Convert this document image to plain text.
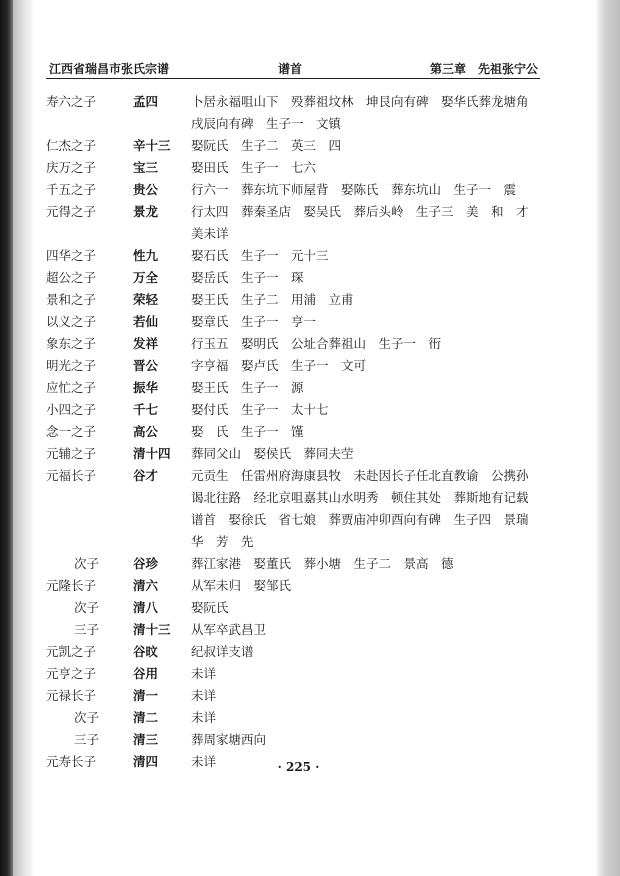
江西省瑞昌市张氏宗谱	谱首	第三章　先祖张宁公
寿六之子	孟四	卜居永福咀山下　殁葬祖坟林　坤艮向有碑　娶华氏葬龙塘角
戌辰向有碑　生子一　文镇
仁杰之子	辛十三 娶阮氏　生子二　英三　四
庆万之子	宝三	娶田氏　生子一　七六
千五之子	贵公	行六一　葬东坑下师屋背　娶陈氏　葬东坑山　生子一　震
元得之子	景龙	行太四　葬秦圣店　娶吴氏　葬后头岭　生子三　美　和　才
美未详
四华之子	性九	娶石氏　生子一　元十三
超公之子	万全	娶岳氏　生子一　琛
景和之子	荣轻	娶王氏　生子二　用浦　立甫
以义之子	若仙	娶章氏　生子一　亨一
象东之子	发祥	行玉五　娶明氏　公址合葬祖山　生子一　衎
明光之子	晋公	字亨福　娶卢氏　生子一　文可
应忙之子	振华	娶王氏　生子一　源
小四之子	千七	娶付氏　生子一　太十七
念一之子	高公	娶　氏　生子一　馑
元辅之子	清十四 葬同父山　娶侯氏　葬同夫茔
元福长子	谷才	元贡生　任雷州府海康县牧　未赴因长子任北直教谕　公携孙
谒北往路　经北京咀嘉其山水明秀　顿住其处　葬斯地有记载
谱首　娶徐氏　省七娘　葬贾庙冲卯酉向有碑　生子四　景瑞
华　芳　先
次子	谷珍	葬江家港　娶董氏　葬小塘　生子二　景高　德
元隆长子	清六	从军未归　娶邹氏
次子	清八	娶阮氏
三子	清十三 从军卒武昌卫
元凯之子	谷旼	纪叔详支谱
元亨之子	谷用	未详
元禄长子	清一	未详
次子	清二	未详
三子	清三	葬周家塘西向
元寿长子	清四	未详	· 225 ·
